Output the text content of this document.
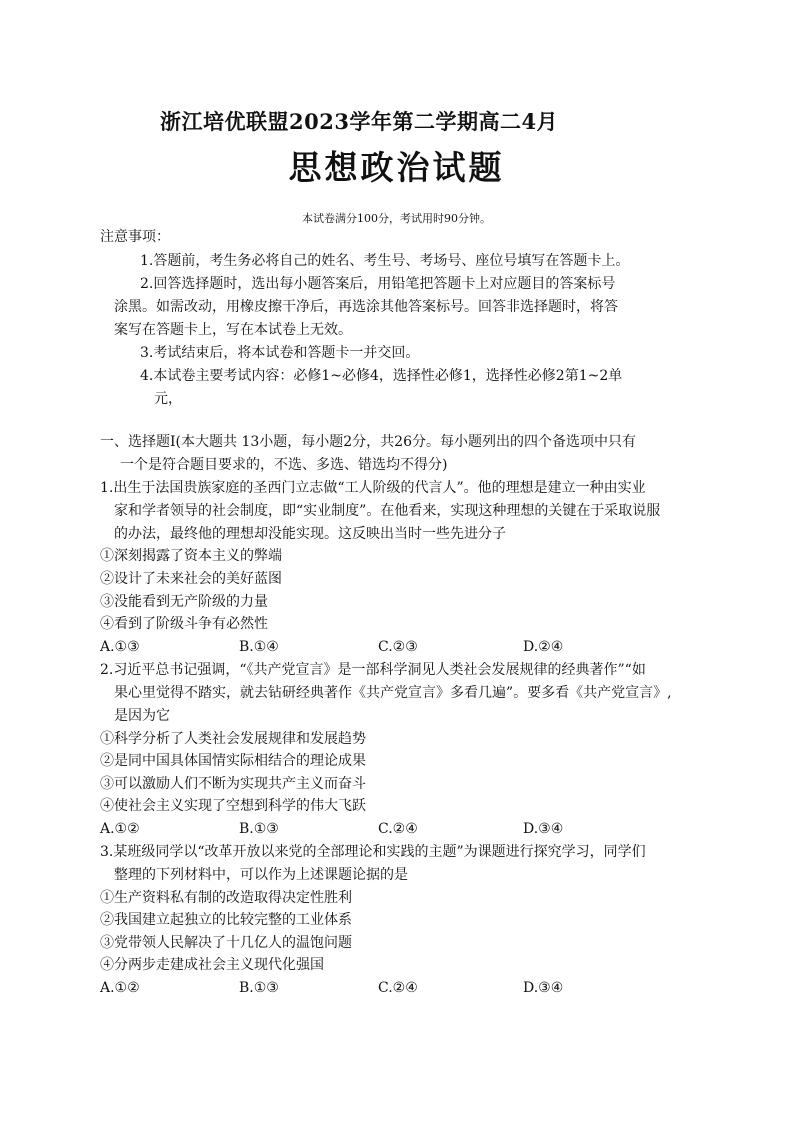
浙江培优联盟2023学年第二学期高二4月
思想政治试题
本试卷满分100分，考试用时90分钟。
注意事项：
1.答题前，考生务必将自己的姓名、考生号、考场号、座位号填写在答题卡上。
2.回答选择题时，选出每小题答案后，用铅笔把答题卡上对应题目的答案标号
涂黑。如需改动，用橡皮擦干净后，再选涂其他答案标号。回答非选择题时，将答
案写在答题卡上，写在本试卷上无效。
3.考试结束后，将本试卷和答题卡一并交回。
4.本试卷主要考试内容：必修1~必修4，选择性必修1，选择性必修2第1~2单
元，
一、选择题Ⅰ(本大题共 13小题，每小题2分，共26分。每小题列出的四个备选项中只有
一个是符合题目要求的，不选、多选、错选均不得分)
1.出生于法国贵族家庭的圣西门立志做“工人阶级的代言人”。他的理想是建立一种由实业
家和学者领导的社会制度，即“实业制度”。在他看来，实现这种理想的关键在于采取说服
的办法，最终他的理想却没能实现。这反映出当时一些先进分子
①深刻揭露了资本主义的弊端
②设计了未来社会的美好蓝图
③没能看到无产阶级的力量
④看到了阶级斗争有必然性
A.①③	B.①④	C.②③	D.②④
2.习近平总书记强调，“《共产党宣言》是一部科学洞见人类社会发展规律的经典著作”“如
果心里觉得不踏实，就去钻研经典著作《共产党宣言》多看几遍”。要多看《共产党宣言》,
是因为它
①科学分析了人类社会发展规律和发展趋势
②是同中国具体国情实际相结合的理论成果
③可以激励人们不断为实现共产主义而奋斗
④使社会主义实现了空想到科学的伟大飞跃
A.①②	B.①③	C.②④	D.③④
3.某班级同学以“改革开放以来党的全部理论和实践的主题”为课题进行探究学习，同学们
整理的下列材料中，可以作为上述课题论据的是
①生产资料私有制的改造取得决定性胜利
②我国建立起独立的比较完整的工业体系
③党带领人民解决了十几亿人的温饱问题
④分两步走建成社会主义现代化强国
A.①②	B.①③	C.②④	D.③④
